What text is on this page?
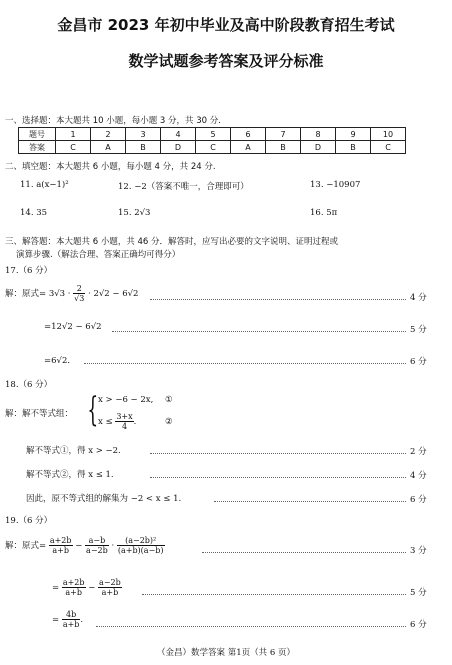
金昌市 2023 年初中毕业及高中阶段教育招生考试
数学试题参考答案及评分标准
一、选择题：本大题共 10 小题，每小题 3 分，共 30 分.
题号	1	2	3	4	5	6	7	8	9	10
答案	C	A	B	D	C	A	B	D	B	C
二、填空题：本大题共 6 小题，每小题 4 分，共 24 分.
11. a(x−1)²	12. −2（答案不唯一，合理即可）	13. −10907
14. 35	15. 2√3	16. 5π
三、解答题：本大题共 6 小题，共 46 分．解答时，应写出必要的文字说明、证明过程或
演算步骤.（解法合理、答案正确均可得分）
17.（6 分）
解：原式= $3√3 \cdot \frac{2}{√3} \cdot 2√2 - 6√2$	4 分
=12√2 − 6√2	5 分
=6√2．	6 分
18.（6 分）
解：解不等式组： { x > −6 − 2x, ①
$x \le \frac{3+x}{4}$ .	②
解不等式①，得 x > −2.	2 分
解不等式②，得 x ≤ 1.	4 分
因此，原不等式组的解集为 −2 < x ≤ 1.	6 分
19.（6 分）
解：原式= $\frac{a+2b}{a+b} - \frac{a-b}{a-2b} \cdot \frac{\text{(a−2b)²}}{(a+b)(a-b)}$	3 分
= $\frac{a+2b}{a+b} - \frac{a-2b}{a+b}$	5 分
= $\frac{4b}{a+b}$ .	6 分
（金昌）数学答案 第1页（共 6 页）
